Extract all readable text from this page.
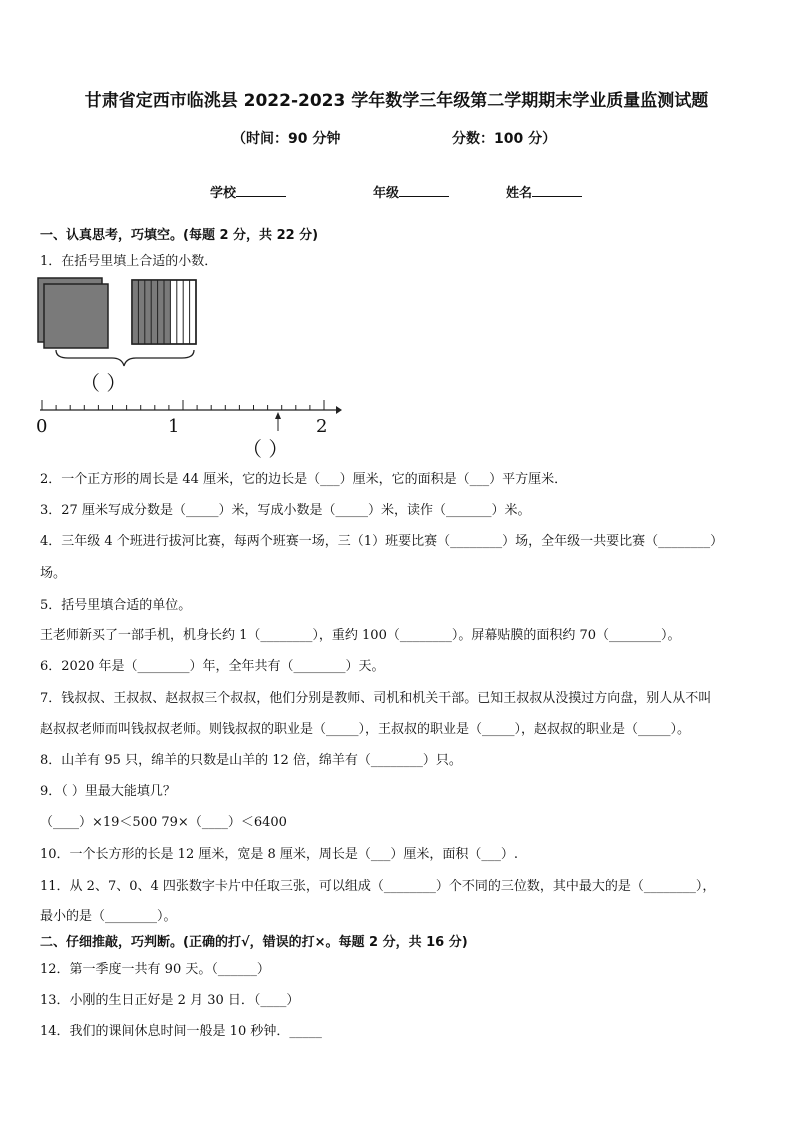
甘肃省定西市临洮县 2022-2023 学年数学三年级第二学期期末学业质量监测试题
（时间：90 分钟	分数：100 分）
学校	年级	姓名
一、认真思考，巧填空。(每题 2 分，共 22 分)
1．在括号里填上合适的小数．
（ ）
0	1	2
（ ）
2．一个正方形的周长是 44 厘米，它的边长是（___）厘米，它的面积是（___）平方厘米．
3．27 厘米写成分数是（_____）米，写成小数是（_____）米，读作（_______）米。
4．三年级 4 个班进行拔河比赛，每两个班赛一场，三（1）班要比赛（________）场，全年级一共要比赛（________）
场。
5．括号里填合适的单位。
王老师新买了一部手机，机身长约 1（________），重约 100（________）。屏幕贴膜的面积约 70（________）。
6．2020 年是（________）年，全年共有（________）天。
7．钱叔叔、王叔叔、赵叔叔三个叔叔，他们分别是教师、司机和机关干部。已知王叔叔从没摸过方向盘，别人从不叫
赵叔叔老师而叫钱叔叔老师。则钱叔叔的职业是（_____），王叔叔的职业是（_____），赵叔叔的职业是（_____）。
8．山羊有 95 只，绵羊的只数是山羊的 12 倍，绵羊有（________）只。
9．（ ）里最大能填几？
（____）×19＜500 79×（____）＜6400
10．一个长方形的长是 12 厘米，宽是 8 厘米，周长是（___）厘米，面积（___）.
11．从 2、7、0、4 四张数字卡片中任取三张，可以组成（________）个不同的三位数，其中最大的是（________），
最小的是（________）。
二、仔细推敲，巧判断。(正确的打√，错误的打×。每题 2 分，共 16 分)
12．第一季度一共有 90 天。（______）
13．小刚的生日正好是 2 月 30 日．（____）
14．我们的课间休息时间一般是 10 秒钟．_____
